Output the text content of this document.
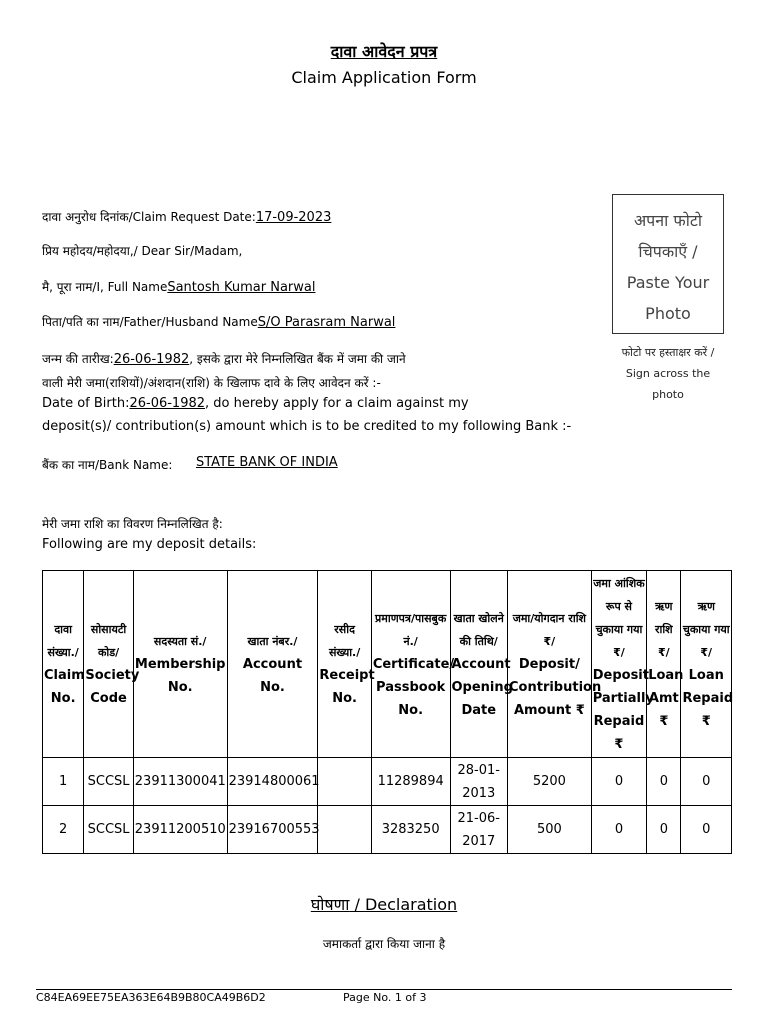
दावा आवेदन प्रपत्र
Claim Application Form
दावा अनुरोध दिनांक/Claim Request Date:17-09-2023
प्रिय महोदय/महोदया,/ Dear Sir/Madam,
मै, पूरा नाम/I, Full NameSantosh Kumar Narwal
पिता/पति का नाम/Father/Husband NameS/O Parasram Narwal
जन्म की तारीख:26-06-1982, इसके द्वारा मेरे निम्नलिखित बैंक में जमा की जाने
वाली मेरी जमा(राशियों)/अंशदान(राशि) के खिलाफ दावे के लिए आवेदन करें :-
Date of Birth:26-06-1982, do hereby apply for a claim against my
deposit(s)/ contribution(s) amount which is to be credited to my following Bank :-
बैंक का नाम/Bank Name: STATE BANK OF INDIA
मेरी जमा राशि का विवरण निम्नलिखित है:
Following are my deposit details:
अपना फोटो
चिपकाएँ /
Paste Your
Photo
फोटो पर हस्ताक्षर करें /
Sign across the
photo
दावा संख्या./
Claim No.	सोसायटी कोड/
Society Code	सदस्यता सं./
Membership No.	खाता नंबर./
Account No.	रसीद संख्या./
Receipt No.	प्रमाणपत्र/पासबुक नं./
Certificate/ Passbook No.	खाता खोलने की तिथि/
Account Opening Date	जमा/योगदान राशि ₹/
Deposit/ Contribution Amount ₹	जमा आंशिक रूप से चुकाया गया ₹/
Deposit Partially Repaid ₹	ऋण राशि ₹/
Loan Amt ₹	ऋण चुकाया गया ₹/
Loan Repaid ₹
1	SCCSL	23911300041	23914800061		11289894	28-01-2013	5200	0	0	0
2	SCCSL	23911200510	23916700553		3283250	21-06-2017	500	0	0	0
घोषणा / Declaration
जमाकर्ता द्वारा किया जाना है
C84EA69EE75EA363E64B9B80CA49B6D2	Page No. 1 of 3
